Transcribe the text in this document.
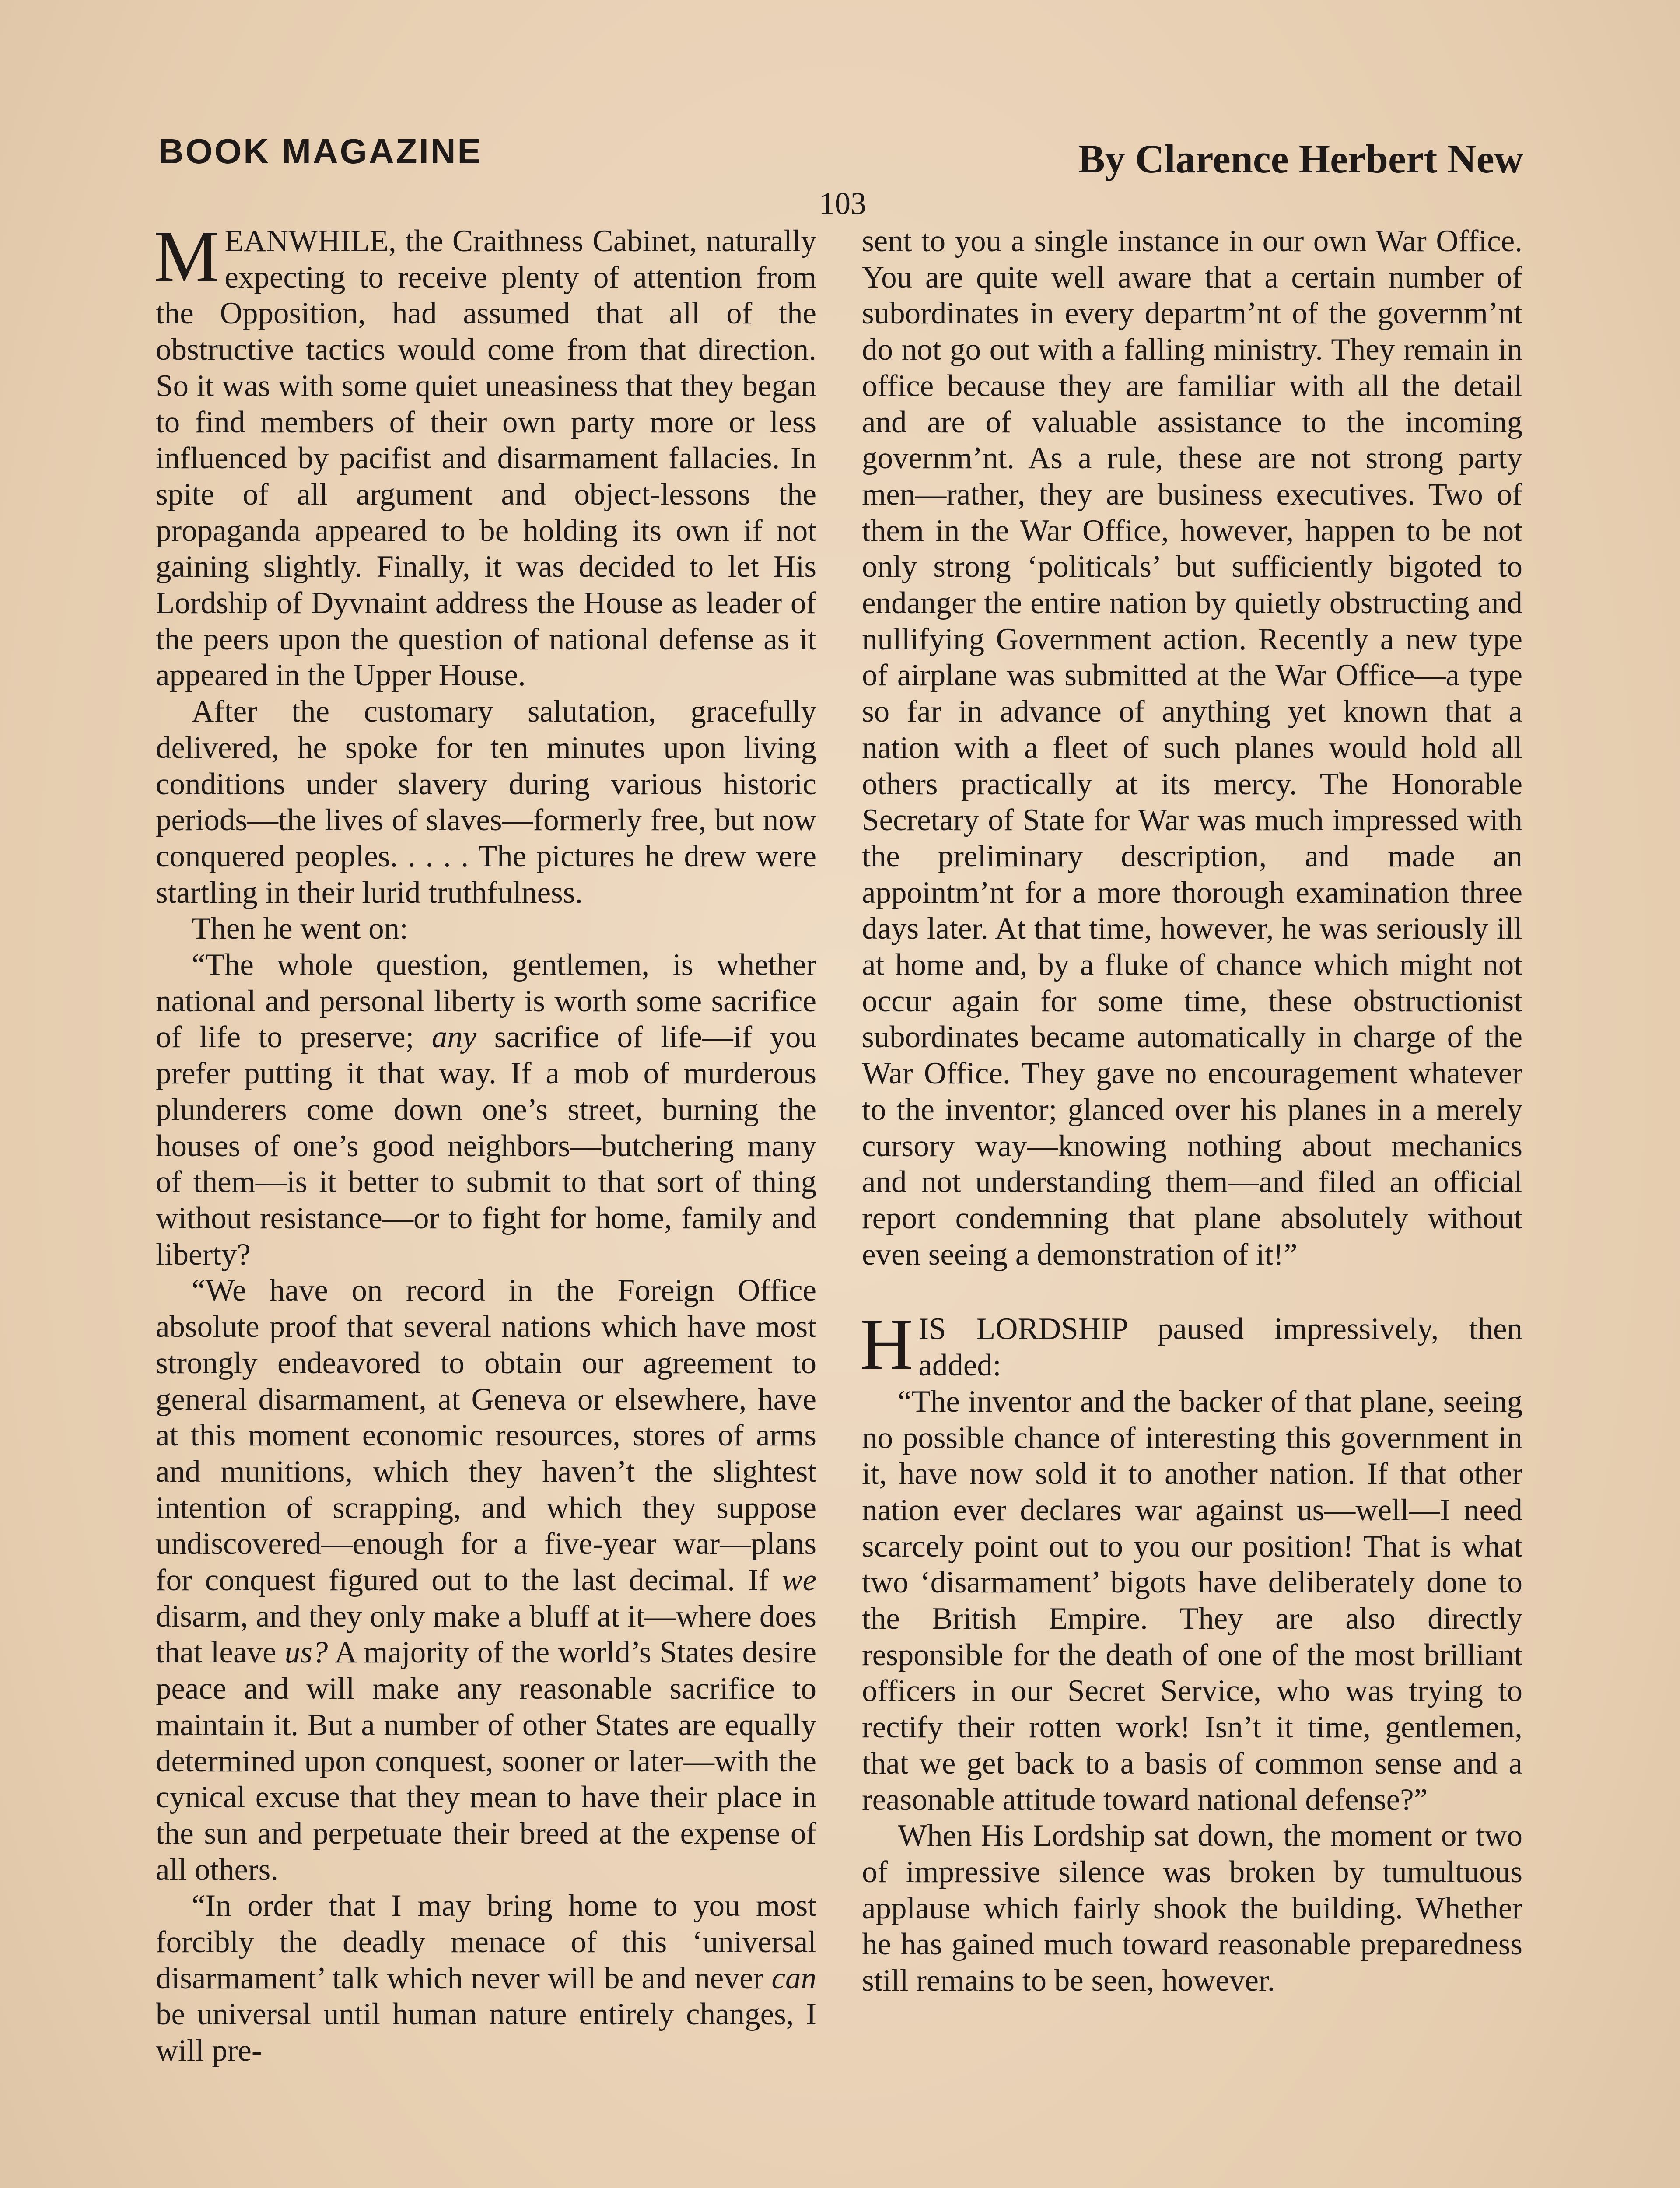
BOOK MAGAZINE	By Clarence Herbert New
103

MEANWHILE, the Craithness Cabinet, naturally expecting to receive plenty of attention from the Opposition, had assumed that all of the obstructive tactics would come from that direction. So it was with some quiet uneasiness that they began to find members of their own party more or less influenced by pacifist and disarmament fallacies. In spite of all argument and object-lessons the propaganda appeared to be holding its own if not gaining slightly. Finally, it was decided to let His Lordship of Dyvnaint address the House as leader of the peers upon the question of national defense as it appeared in the Upper House.

After the customary salutation, gracefully delivered, he spoke for ten minutes upon living conditions under slavery during various historic periods—the lives of slaves—formerly free, but now conquered peoples. . . . . The pictures he drew were startling in their lurid truthfulness.

Then he went on:

“The whole question, gentlemen, is whether national and personal liberty is worth some sacrifice of life to preserve; any sacrifice of life—if you prefer putting it that way. If a mob of murderous plunderers come down one’s street, burning the houses of one’s good neighbors—butchering many of them—is it better to submit to that sort of thing without resistance—or to fight for home, family and liberty?

“We have on record in the Foreign Office absolute proof that several nations which have most strongly endeavored to obtain our agreement to general disarmament, at Geneva or elsewhere, have at this moment economic resources, stores of arms and munitions, which they haven’t the slightest intention of scrapping, and which they suppose undiscovered—enough for a five-year war—plans for conquest figured out to the last decimal. If we disarm, and they only make a bluff at it—where does that leave us? A majority of the world’s States desire peace and will make any reasonable sacrifice to maintain it. But a number of other States are equally determined upon conquest, sooner or later—with the cynical excuse that they mean to have their place in the sun and perpetuate their breed at the expense of all others.

“In order that I may bring home to you most forcibly the deadly menace of this ‘universal disarmament’ talk which never will be and never can be universal until human nature entirely changes, I will pre-

sent to you a single instance in our own War Office. You are quite well aware that a certain number of subordinates in every departm’nt of the governm’nt do not go out with a falling ministry. They remain in office because they are familiar with all the detail and are of valuable assistance to the incoming governm’nt. As a rule, these are not strong party men—rather, they are business executives. Two of them in the War Office, however, happen to be not only strong ‘politicals’ but sufficiently bigoted to endanger the entire nation by quietly obstructing and nullifying Government action. Recently a new type of airplane was submitted at the War Office—a type so far in advance of anything yet known that a nation with a fleet of such planes would hold all others practically at its mercy. The Honorable Secretary of State for War was much impressed with the preliminary description, and made an appointm’nt for a more thorough examination three days later. At that time, however, he was seriously ill at home and, by a fluke of chance which might not occur again for some time, these obstructionist subordinates became automatically in charge of the War Office. They gave no encouragement whatever to the inventor; glanced over his planes in a merely cursory way—knowing nothing about mechanics and not understanding them—and filed an official report condemning that plane absolutely without even seeing a demonstration of it!”

HIS LORDSHIP paused impressively, then added:

“The inventor and the backer of that plane, seeing no possible chance of interesting this government in it, have now sold it to another nation. If that other nation ever declares war against us—well—I need scarcely point out to you our position! That is what two ‘disarmament’ bigots have deliberately done to the British Empire. They are also directly responsible for the death of one of the most brilliant officers in our Secret Service, who was trying to rectify their rotten work! Isn’t it time, gentlemen, that we get back to a basis of common sense and a reasonable attitude toward national defense?”

When His Lordship sat down, the moment or two of impressive silence was broken by tumultuous applause which fairly shook the building. Whether he has gained much toward reasonable preparedness still remains to be seen, however.
